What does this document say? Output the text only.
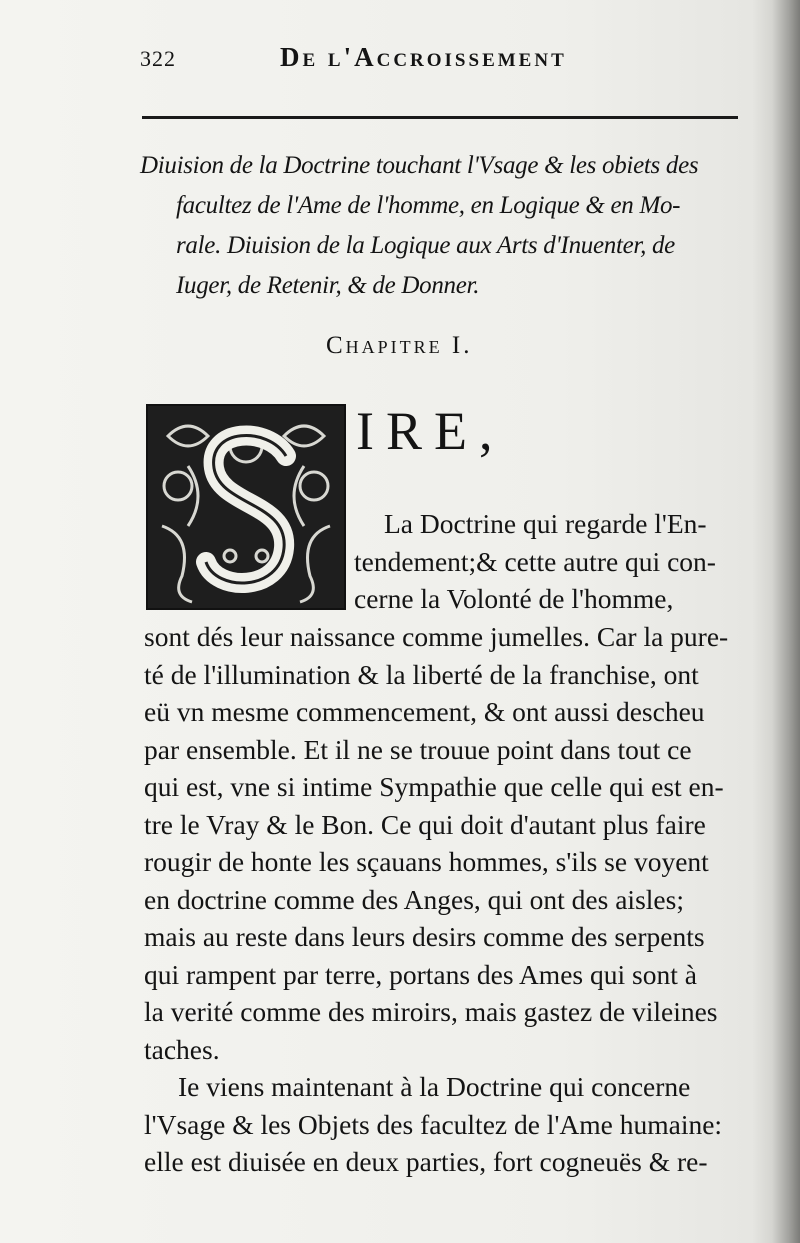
322	De l'Accroissement
Diuision de la Doctrine touchant l'Vsage & les obiets des
facultez de l'Ame de l'homme, en Logique & en Mo-
rale. Diuision de la Logique aux Arts d'Inuenter, de
Iuger, de Retenir, & de Donner.
Chapitre I.
IRE,
La Doctrine qui regarde l'En-
tendement;& cette autre qui con-
cerne la Volonté de l'homme,
sont dés leur naissance comme jumelles. Car la pure-
té de l'illumination & la liberté de la franchise, ont
eü vn mesme commencement, & ont aussi descheu
par ensemble. Et il ne se trouue point dans tout ce
qui est, vne si intime Sympathie que celle qui est en-
tre le Vray & le Bon. Ce qui doit d'autant plus faire
rougir de honte les sçauans hommes, s'ils se voyent
en doctrine comme des Anges, qui ont des aisles;
mais au reste dans leurs desirs comme des serpents
qui rampent par terre, portans des Ames qui sont à
la verité comme des miroirs, mais gastez de vileines
taches.
Ie viens maintenant à la Doctrine qui concerne
l'Vsage & les Objets des facultez de l'Ame humaine:
elle est diuisée en deux parties, fort cogneuës & re-
